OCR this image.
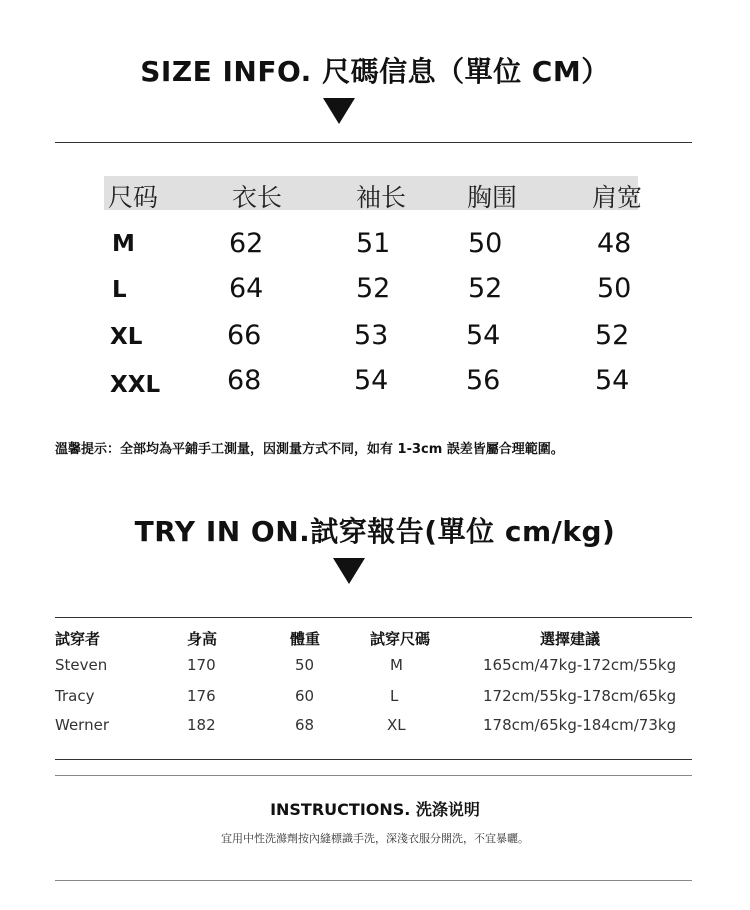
SIZE INFO. 尺碼信息（單位 CM）
尺码	衣长	袖长 胸围	肩宽
M	62	51	50	48
L	64	52	52	50
XL	66	53	54	52
XXL 68	54	56	54
溫馨提示：全部均為平鋪手工測量，因測量方式不同，如有 1-3cm 誤差皆屬合理範圍。
TRY IN ON.試穿報告(單位 cm/kg)
試穿者	身高	體重	試穿尺碼	選擇建議
Steven	170	50	M	165cm/47kg-172cm/55kg
Tracy	176	60	L	172cm/55kg-178cm/65kg
Werner	182	68	XL	178cm/65kg-184cm/73kg
INSTRUCTIONS. 洗涤说明
宜用中性洗滌劑按內縫標識手洗，深淺衣服分開洗，不宜暴曬。
